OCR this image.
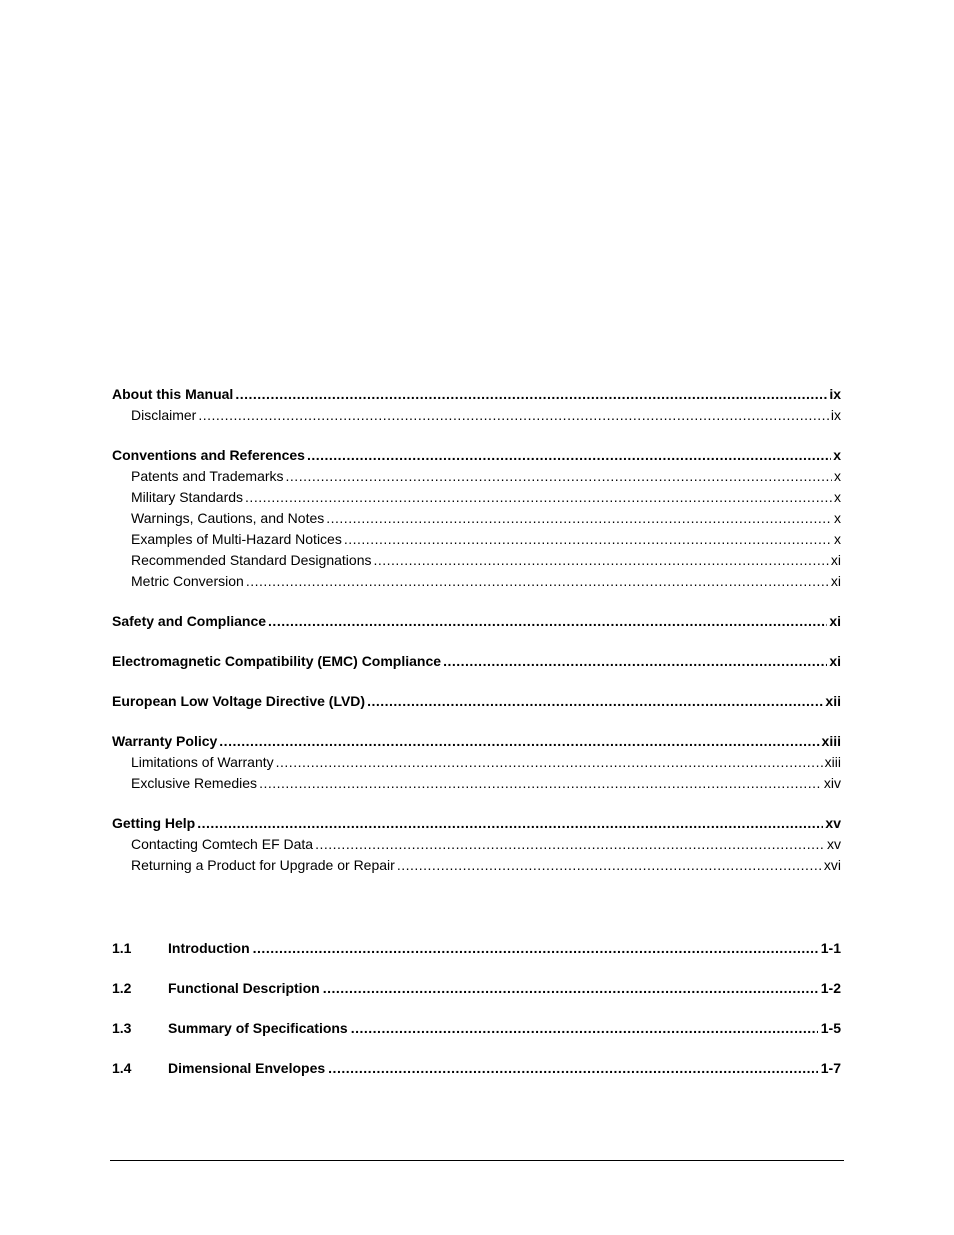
About this Manual .....	ix
Disclaimer .....	ix
Conventions and References .....	x
Patents and Trademarks .....	x
Military Standards .....	x
Warnings, Cautions, and Notes .....	x
Examples of Multi-Hazard Notices .....	x
Recommended Standard Designations .....	xi
Metric Conversion .....	xi
Safety and Compliance .....	xi
Electromagnetic Compatibility (EMC) Compliance .....	xi
European Low Voltage Directive (LVD) .....	xii
Warranty Policy .....	xiii
Limitations of Warranty .....	xiii
Exclusive Remedies .....	xiv
Getting Help .....	xv
Contacting Comtech EF Data .....	xv
Returning a Product for Upgrade or Repair .....	xvi
1.1	Introduction .....	1-1
1.2	Functional Description .....	1-2
1.3	Summary of Specifications .....	1-5
1.4	Dimensional Envelopes .....	1-7
